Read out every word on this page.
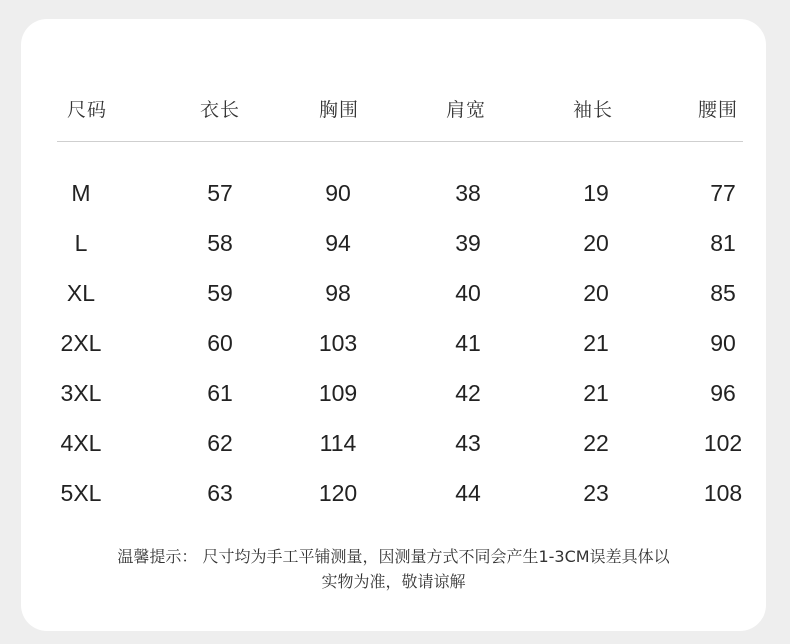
尺码	衣长	胸围	肩宽	袖长	腰围
M	57	90	38	19	77
L	58	94	39	20	81
XL	59	98	40	20	85
2XL	60	103	41	21	90
3XL	61	109	42	21	96
4XL	62	114	43	22	102
5XL	63	120	44	23	108
温馨提示： 尺寸均为手工平铺测量，因测量方式不同会产生1-3CM误差具体以
实物为准，敬请谅解
